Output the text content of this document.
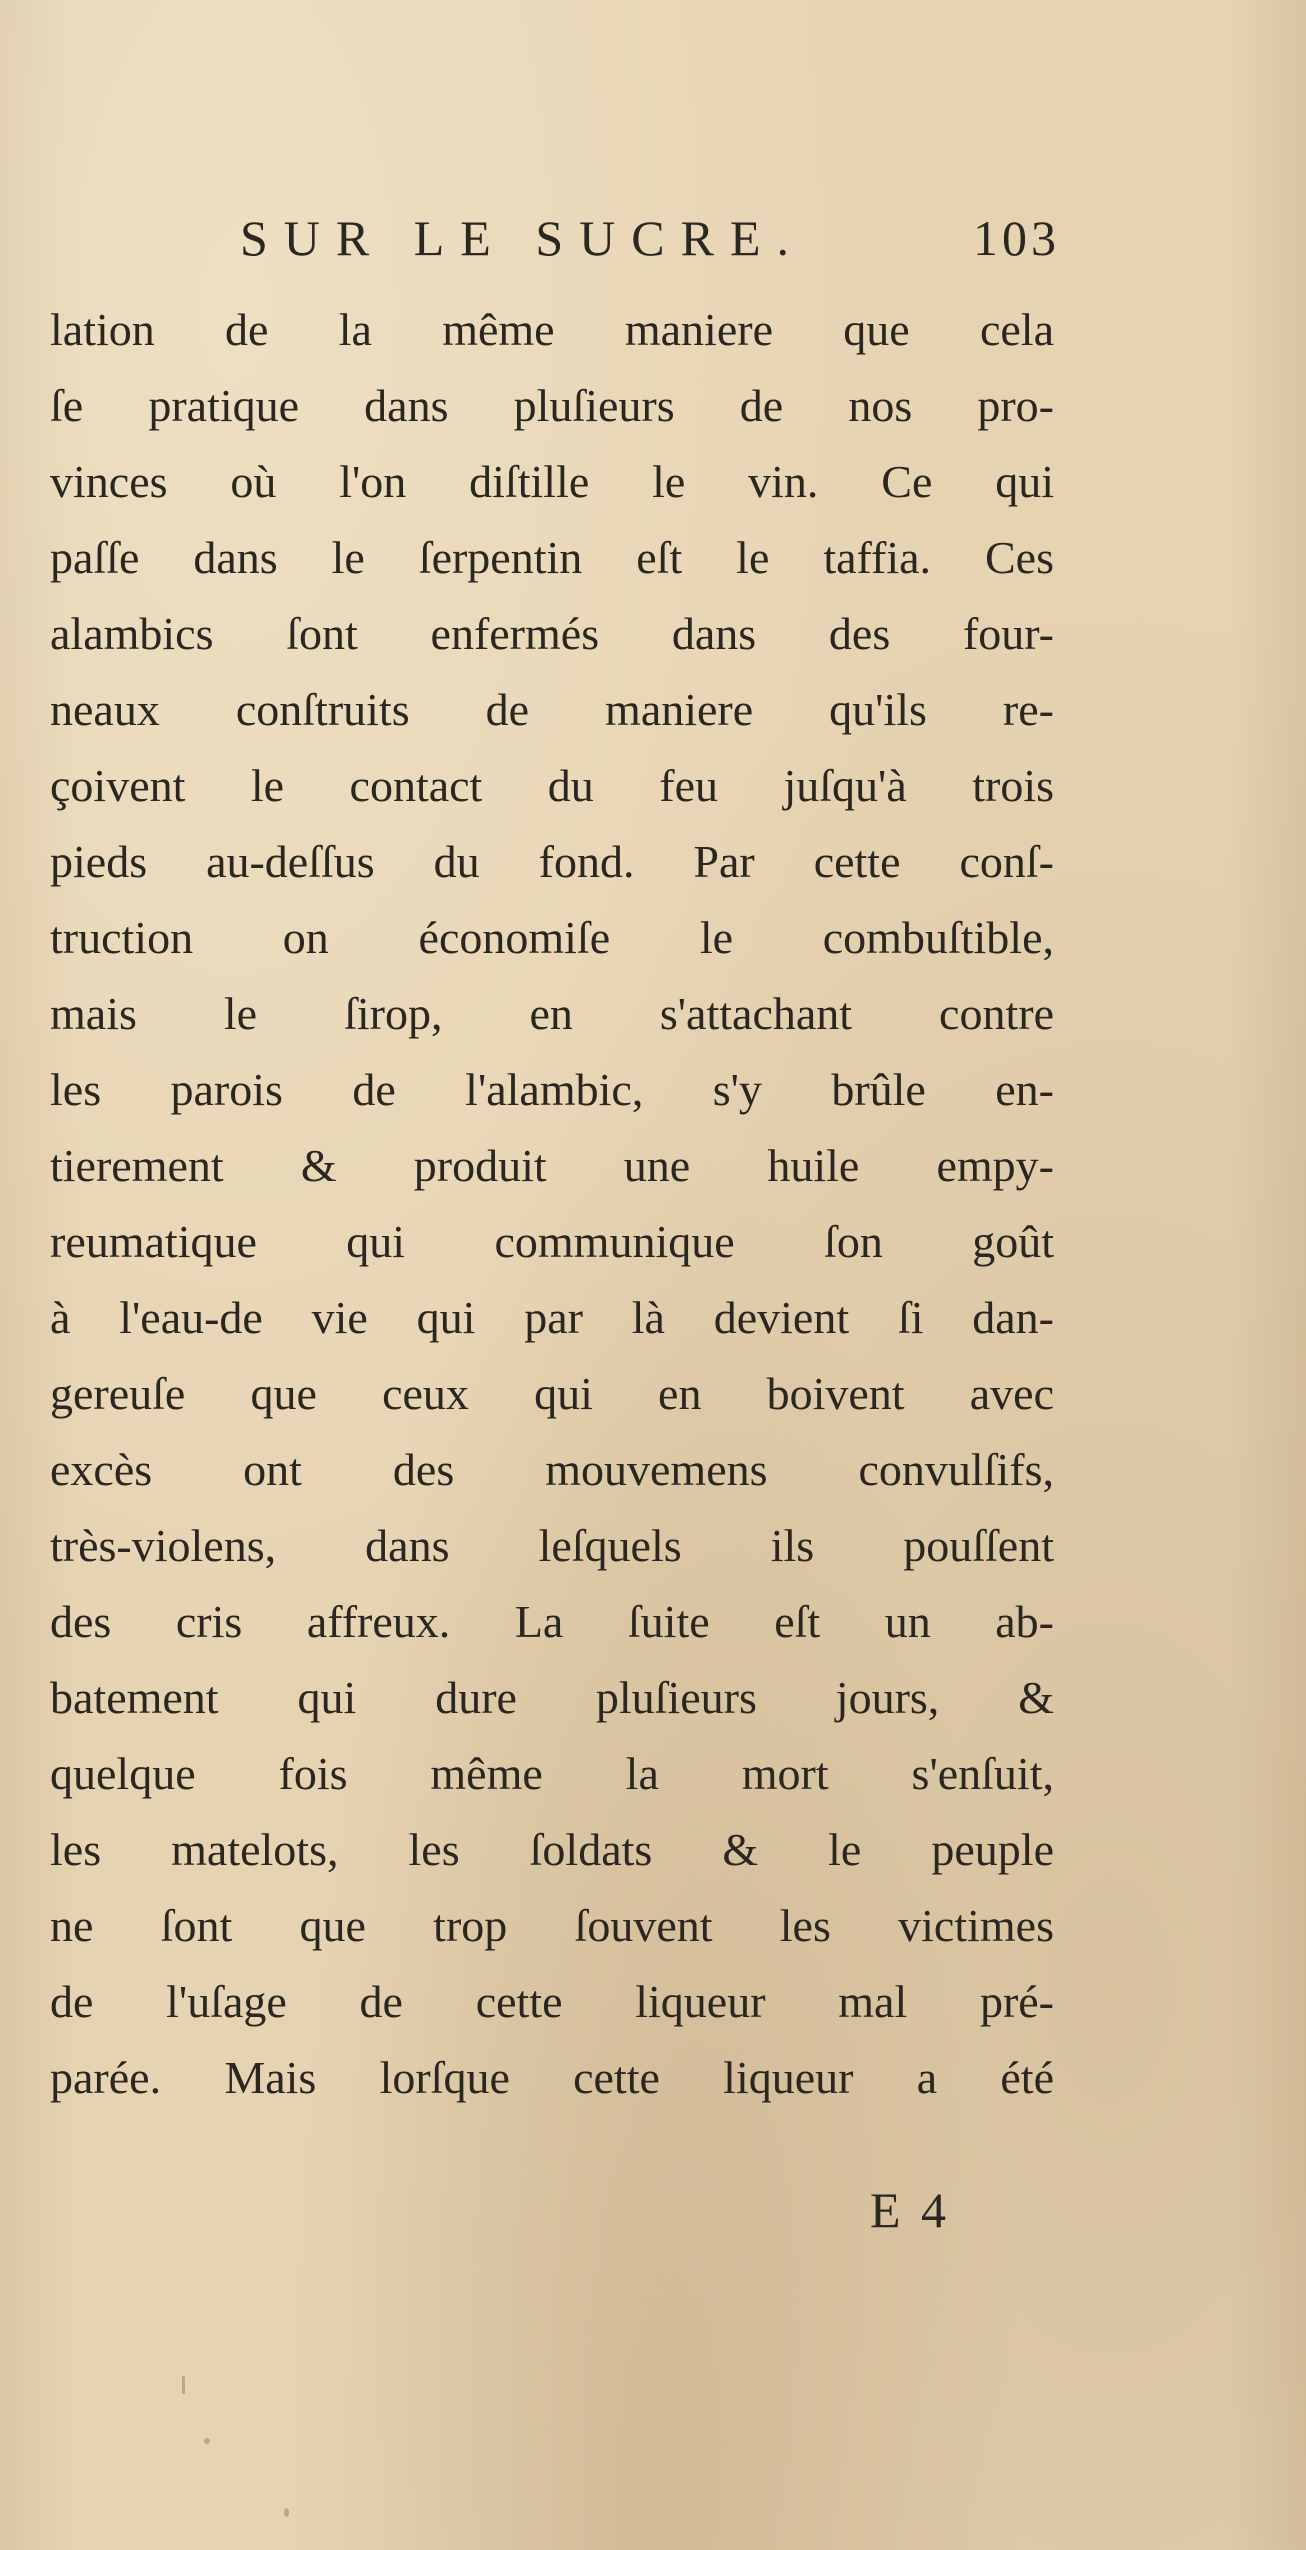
SUR LE SUCRE.	103
lation de la même maniere que cela
ſe pratique dans pluſieurs de nos pro-
vinces où l'on diſtille le vin. Ce qui
paſſe dans le ſerpentin eſt le taffia. Ces
alambics ſont enfermés dans des four-
neaux conſtruits de maniere qu'ils re-
çoivent le contact du feu juſqu'à trois
pieds au-deſſus du fond. Par cette conſ-
truction on économiſe le combuſtible,
mais le ſirop, en s'attachant contre
les parois de l'alambic, s'y brûle en-
tierement & produit une huile empy-
reumatique qui communique ſon goût
à l'eau-de vie qui par là devient ſi dan-
gereuſe que ceux qui en boivent avec
excès ont des mouvemens convulſifs,
très-violens, dans leſquels ils pouſſent
des cris affreux. La ſuite eſt un ab-
batement qui dure pluſieurs jours, &
quelque fois même la mort s'enſuit,
les matelots, les ſoldats & le peuple
ne ſont que trop ſouvent les victimes
de l'uſage de cette liqueur mal pré-
parée. Mais lorſque cette liqueur a été
E 4
